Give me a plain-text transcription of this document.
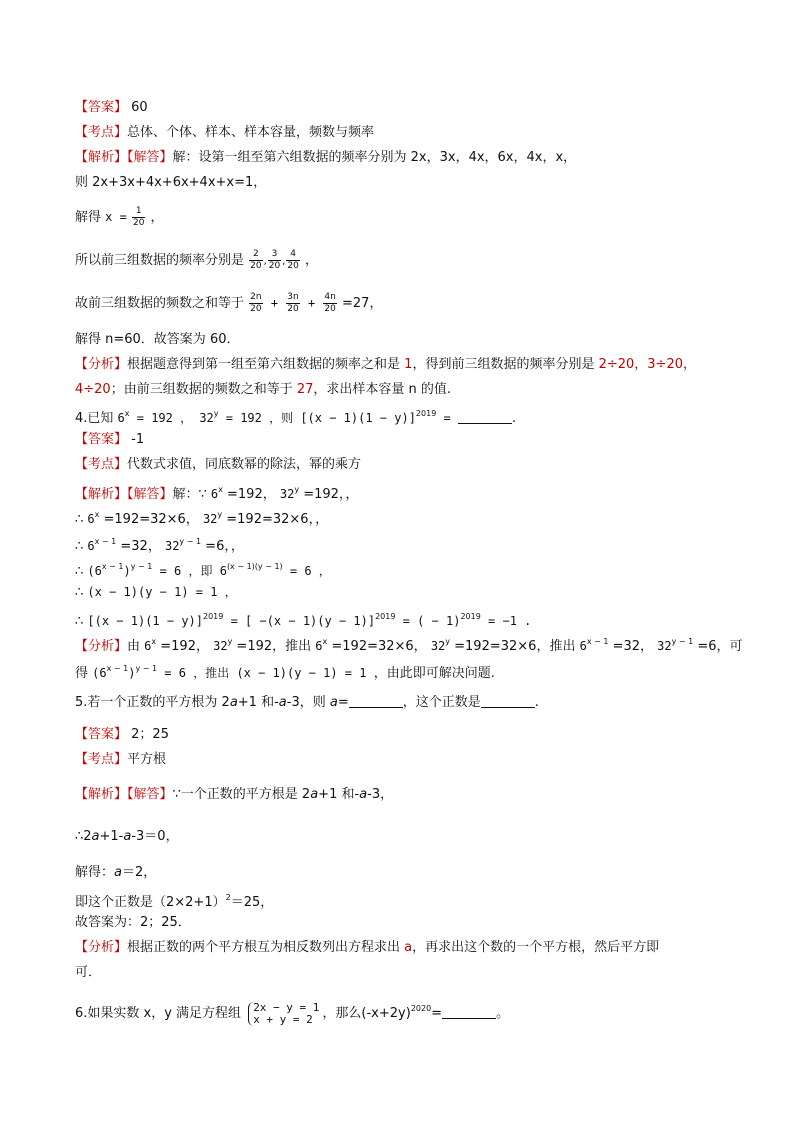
【答案】 60
【考点】总体、个体、样本、样本容量，频数与频率
【解析】【解答】解：设第一组至第六组数据的频率分别为 2x，3x，4x，6x，4x，x，
则 2x+3x+4x+6x+4x+x=1，
解得 $x = \frac{1}{20}$ ，
所以前三组数据的频率分别是 $\frac{2}{20}$ , $\frac{3}{20}$ , $\frac{4}{20}$ ，
故前三组数据的频数之和等于 $\frac{2n}{20} + \frac{3n}{20} + \frac{4n}{20} =27$，
解得 n=60．故答案为 60．
【分析】根据题意得到第一组至第六组数据的频率之和是 1，得到前三组数据的频率分别是 2÷20，3÷20，
4÷20；由前三组数据的频数之和等于 27，求出样本容量 n 的值.
4.已知 $6^x = 192$ ， $32^y = 192$ ，则 $[(x - 1)(1 - y)]^{2019}$ =	.
【答案】 -1
【考点】代数式求值，同底数幂的除法，幂的乘方
【解析】【解答】解：∵ $6^x =192$， $32^y =192$，，
∴ $6^x =192=32\times 6$， $32^y =192=32\times 6$，，
∴ $6^{x - 1} =32$， $32^{y - 1} =6$，，
∴ $(6^{x - 1})^{y - 1} = 6$ ，即 $6^{(x - 1)(y - 1)} = 6$ ，
∴ (x − 1)(y − 1) = 1 ，
∴ $[(x - 1)(1 - y)]^{2019}$ = [ −(x − 1)(y − 1)]$^{2019}$ = ( − 1)$^{2019}$ = −1 .
【分析】由 $6^x =192$， $32^y =192$，推出 $6^x =192=32\times 6$， $32^y =192=32\times 6$，推出 $6^{x - 1} =32$， $32^{y - 1} =6$，可
得 $(6^{x - 1})^{y - 1} = 6$ ，推出 (x − 1)(y − 1) = 1 ，由此即可解决问题.
5.若一个正数的平方根为 2a+1 和-a-3，则 a=	，这个正数是	.
【答案】 2；25
【考点】平方根
【解析】【解答】∵一个正数的平方根是 2a+1 和-a-3，
∴2a+1-a-3＝0，
解得：a＝2，
即这个正数是$(2\times 2+1)^2=25$，
故答案为：2；25．
【分析】根据正数的两个平方根互为相反数列出方程求出 a，再求出这个数的一个平方根，然后平方即
可．
6.如果实数 x，y 满足方程组 2x − y = 1
x + y = 2 ，那么$(-x+2y)^{2020}=$	。
